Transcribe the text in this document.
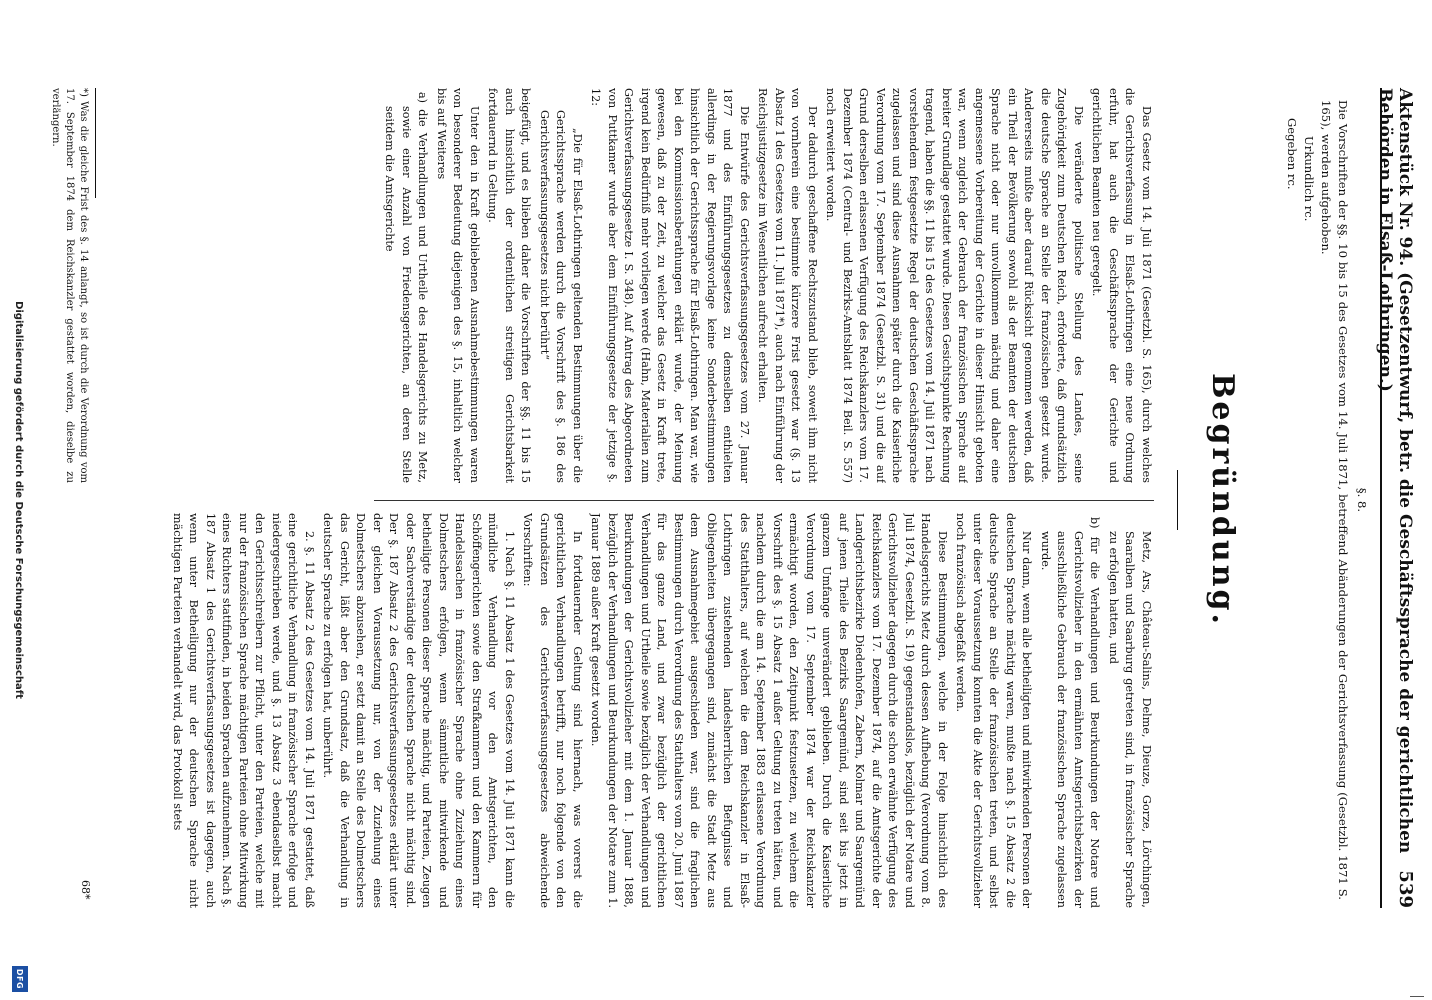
Aktenstück Nr. 94. (Gesetzentwurf, betr. die Geschäftssprache der gerichtlichen Behörden in Elsaß-Lothringen.)
539

§. 8.

Die Vorschriften der §§. 10 bis 15 des Gesetzes vom 14. Juli 1871, betreffend Abänderungen der Gerichtsverfassung (Gesetzbl. 1871 S. 165), werden aufgehoben.

Urkundlich rc.

Gegeben rc.

Begründung.

Das Gesetz vom 14. Juli 1871 (Gesetzbl. S. 165), durch welches die Gerichtsverfassung in Elsaß-Lothringen eine neue Ordnung erfuhr, hat auch die Geschäftssprache der Gerichte und gerichtlichen Beamten neu geregelt.

Die veränderte politische Stellung des Landes, seine Zugehörigkeit zum Deutschen Reich, erforderte, daß grundsätzlich die deutsche Sprache an Stelle der französischen gesetzt wurde. Andererseits mußte aber darauf Rücksicht genommen werden, daß ein Theil der Bevölkerung sowohl als der Beamten der deutschen Sprache nicht oder nur unvollkommen mächtig und daher eine angemessene Vorbereitung der Gerichte in dieser Hinsicht geboten war, wenn zugleich der Gebrauch der französischen Sprache auf breiter Grundlage gestattet wurde. Diesen Gesichtspunkte Rechnung tragend, haben die §§. 11 bis 15 des Gesetzes vom 14. Juli 1871 nach vorstehendem festgesetzte Regel der deutschen Geschäftssprache zugelassen und sind diese Ausnahmen später durch die Kaiserliche Verordnung vom 17. September 1874 (Gesetzbl. S. 31) und die auf Grund derselben erlassenen Verfügung des Reichskanzlers vom 17. Dezember 1874 (Central- und Bezirks-Amtsblatt 1874 Beil. S. 557) noch erweitert worden.

Der dadurch geschaffene Rechtszustand blieb, soweit ihm nicht von vornherein eine bestimmte kürzere Frist gesetzt war (§. 13 Absatz 1 des Gesetzes vom 11. Juli 1871*), auch nach Einführung der Reichsjustizgesetze im Wesentlichen aufrecht erhalten.

Die Entwürfe des Gerichtsverfassungsgesetzes vom 27. Januar 1877 und des Einführungsgesetzes zu demselben enthielten allerdings in der Regierungsvorlage keine Sonderbestimmungen hinsichtlich der Gerichtssprache für Elsaß-Lothringen. Man war, wie bei den Kommissionsberathungen erklärt wurde, der Meinung gewesen, daß zu der Zeit, zu welcher das Gesetz in Kraft trete, irgend kein Bedürfniß mehr vorliegen werde (Hahn, Materialien zum Gerichtsverfassungsgesetze I. S. 348). Auf Antrag des Abgeordneten von Puttkamer wurde aber dem Einführungsgesetze der jetzige §. 12:

„Die für Elsaß-Lothringen geltenden Bestimmungen über die Gerichtssprache werden durch die Vorschrift des §. 186 des Gerichtsverfassungsgesetzes nicht berührt“

beigefügt, und es blieben daher die Vorschriften der §§. 11 bis 15 auch hinsichtlich der ordentlichen streitigen Gerichtsbarkeit fortdauernd in Geltung.

Unter den in Kraft gebliebenen Ausnahmebestimmungen waren von besonderer Bedeutung diejenigen des §. 15, inhaltlich welcher bis auf Weiteres

a) die Verhandlungen und Urtheile des Handelsgerichts zu Metz, sowie einer Anzahl von Friedensgerichten, an deren Stelle seitdem die Amtsgerichte

Metz, Ars, Château-Salins, Delme, Dieuze, Gorze, Lörchingen, Saaralben und Saarburg getreten sind, in französischer Sprache zu erfolgen hatten, und

b) für die Verhandlungen und Beurkundungen der Notare und Gerichtsvollzieher in den ermähnten Amtsgerichtsbezirken der ausschließliche Gebrauch der französischen Sprache zugelassen wurde.

Nur dann, wenn alle betheiligten und mitwirkenden Personen der deutschen Sprache mächtig waren, mußte nach §. 15 Absatz 2 die deutsche Sprache an Stelle der französischen treten, und selbst unter dieser Voraussetzung konnten die Akte der Gerichtsvollzieher noch französisch abgefaßt werden.

Diese Bestimmungen, welche in der Folge hinsichtlich des Handelsgerichts Metz durch dessen Aufhebung (Verordnung vom 8. Juli 1874, Gesetzbl. S. 19) gegenstandslos, bezüglich der Notare und Gerichtsvollzieher dagegen durch die schon erwähnte Verfügung des Reichskanzlers vom 17. Dezember 1874, auf die Amtsgerichte der Landgerichtsbezirke Diedenhofen, Zabern, Kolmar und Saargemünd auf jenen Theile des Bezirks Saargemünd, sind seit bis jetzt in ganzem Umfange unverändert geblieben. Durch die Kaiserliche Verordnung vom 17. September 1874 war der Reichskanzler ermächtigt worden, den Zeitpunkt festzusetzen, zu welchem die Vorschrift des §. 15 Absatz 1 außer Geltung zu treten hätten, und nachdem durch die am 14. September 1883 erlassene Verordnung des Statthalters, auf welchen die dem Reichskanzler in Elsaß-Lothringen zustehenden landesherrlichen Befugnisse und Obliegenheiten übergegangen sind, zunächst die Stadt Metz aus dem Ausnahmegebiet ausgeschieden war, sind die fraglichen Bestimmungen durch Verordnung des Statthalters vom 20. Juni 1887 für das ganze Land, und zwar bezüglich der gerichtlichen Verhandlungen und Urtheile sowie bezüglich der Verhandlungen und Beurkundungen der Gerichtsvollzieher mit dem 1. Januar 1888, bezüglich der Verhandlungen und Beurkundungen der Notare zum 1. Januar 1889 außer Kraft gesetzt worden.

In fortdauernder Geltung sind hiernach, was vorerst die gerichtlichen Verhandlungen betrifft, nur noch folgende von den Grundsätzen des Gerichtsverfassungsgesetzes abweichende Vorschriften:

1. Nach §. 11 Absatz 1 des Gesetzes vom 14. Juli 1871 kann die mündliche Verhandlung vor den Amtsgerichten, den Schöffengerichten sowie den Strafkammern und den Kammern für Handelssachen in französischer Sprache ohne Zuziehung eines Dolmetschers erfolgen, wenn sämmtliche mitwirkende und betheiligte Personen dieser Sprache mächtig, und Parteien, Zeugen oder Sachverständige der deutschen Sprache nicht mächtig sind. Der §. 187 Absatz 2 des Gerichtsverfassungsgesetzes erklärt unter der gleichen Voraussetzung nur, von der Zuziehung eines Dolmetschers abzusehen, er setzt damit an Stelle des Dolmetschers das Gericht, läßt aber den Grundsatz, daß die Verhandlung in deutscher Sprache zu erfolgen hat, unberührt.

2. §. 11 Absatz 2 des Gesetzes vom 14. Juli 1871 gestattet, daß eine gerichtliche Verhandlung in französischer Sprache erfolge und niedergeschrieben werde, und §. 13 Absatz 3 ebendaselbst macht den Gerichtsschreibern zur Pflicht, unter den Parteien, welche mit nur der französischen Sprache mächtigen Parteien ohne Mitwirkung eines Richters stattfinden, in beiden Sprachen aufzunehmen. Nach §. 187 Absatz 1 des Gerichtsverfassungsgesetzes ist dagegen, auch wenn unter Betheiligung nur der deutschen Sprache nicht mächtigen Parteien verhandelt wird, das Protokoll stets

*) Was die gleiche Frist des §. 14 anlangt, so ist durch die Verordnung vom 17. September 1874 dem Reichskanzler gestattet worden, dieselbe zu verlängern.
68*
Digitalisierung gefördert durch die Deutsche Forschungsgemeinschaft
DFG
